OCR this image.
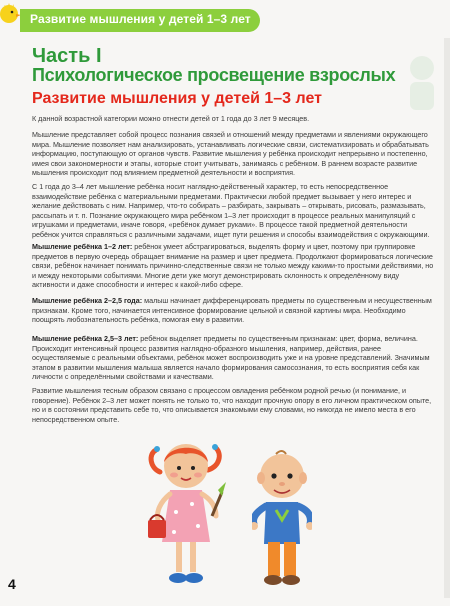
Развитие мышления у детей 1–3 лет
Часть I
Психологическое просвещение взрослых
Развитие мышления у детей 1–3 лет

К данной возрастной категории можно отнести детей от 1 года до 3 лет 9 месяцев.

Мышление представляет собой процесс познания связей и отношений между предметами и явлениями окружающего мира. Мышление позволяет нам анализировать, устанавливать логические связи, систематизировать и обрабатывать информацию, поступающую от органов чувств. Развитие мышления у ребёнка происходит непрерывно и постепенно, имея свои закономерности и этапы, которые стоит учитывать, занимаясь с ребёнком. В раннем возрасте развитие мышления происходит под влиянием предметной деятельности и восприятия.

С 1 года до 3–4 лет мышление ребёнка носит наглядно-действенный характер, то есть непосредственное взаимодействие ребёнка с материальными предметами. Практически любой предмет вызывает у него интерес и желание действовать с ним. Например, что-то собирать – разбирать, закрывать – открывать, рисовать, размазывать, рассыпать и т. п. Познание окружающего мира ребёнком 1–3 лет происходит в процессе реальных манипуляций с игрушками и предметами, иначе говоря, «ребёнок думает руками». В процессе такой предметной деятельности ребёнок учится справляться с различными задачами, ищет пути решения и способы взаимодействия с окружающими.

Мышление ребёнка 1–2 лет: ребёнок умеет абстрагироваться, выделять форму и цвет, поэтому при группировке предметов в первую очередь обращает внимание на размер и цвет предмета. Продолжают формироваться логические связи, ребёнок начинает понимать причинно-следственные связи не только между какими-то простыми действиями, но и между некоторыми событиями. Многие дети уже могут демонстрировать склонность к определённому виду активности и даже способности и интерес к какой-либо сфере.

Мышление ребёнка 2–2,5 года: малыш начинает дифференцировать предметы по существенным и несущественным признакам. Кроме того, начинается интенсивное формирование цельной и связной картины мира. Необходимо поощрять любознательность ребёнка, помогая ему в развитии.

Мышление ребёнка 2,5–3 лет: ребёнок выделяет предметы по существенным признакам: цвет, форма, величина. Происходит интенсивный процесс развития наглядно-образного мышления, например, действия, ранее осуществляемые с реальными объектами, ребёнок может воспроизводить уже и на уровне представлений. Значимым этапом в развитии мышления малыша является начало формирования самосознания, то есть восприятия себя как личности с определёнными свойствами и качествами.

Развитие мышления тесным образом связано с процессом овладения ребёнком родной речью (и понимание, и говорение). Ребёнок 2–3 лет может понять не только то, что находит прочную опору в его личном практическом опыте, но и в состоянии представить себе то, что описывается знакомыми ему словами, но никогда не имело места в его непосредственном опыте.

4
